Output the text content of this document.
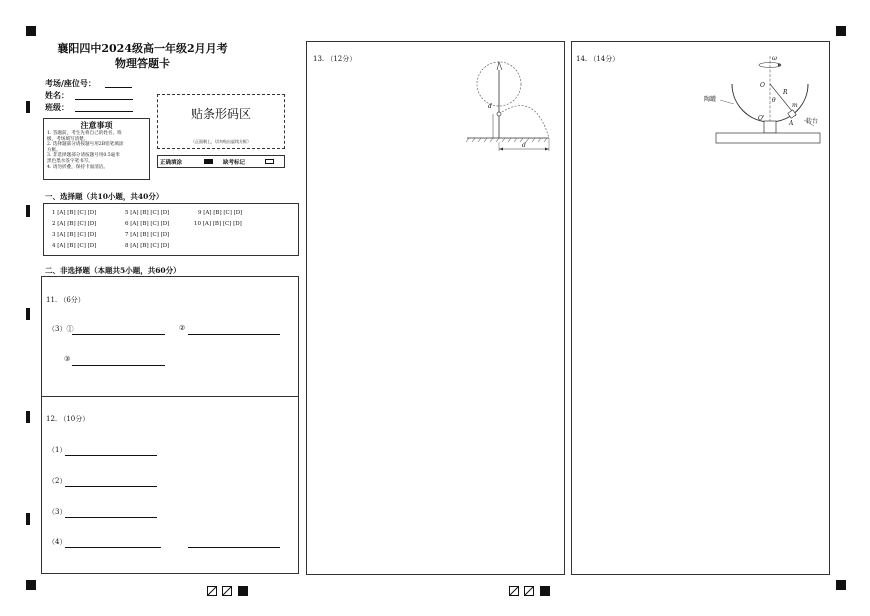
襄阳四中2024级高一年级2月月考
物理答题卡
考场/座位号：
姓名：
班级：
注意事项
1. 答题前，考生先将自己的姓名、班
级、考场填写清楚。
2. 选择题部分请按题号用2B铅笔填涂
方框。
3. 非选择题部分请按题号用0.5毫米
黑色墨水签字笔书写。
4. 请勿折叠，保持卡面清洁。
贴条形码区
（正面朝上，切勿贴出虚线方框）
正确填涂	缺考标记
一、选择题（共10小题，共40分）
1 [A] [B] [C] [D]
2 [A] [B] [C] [D]
3 [A] [B] [C] [D]
4 [A] [B] [C] [D]
5 [A] [B] [C] [D]
6 [A] [B] [C] [D]
7 [A] [B] [C] [D]
8 [A] [B] [C] [D]
9 [A] [B] [C] [D]
10 [A] [B] [C] [D]
二、非选择题（本题共5小题，共60分）
11. （6分）
（3）①	②
③
12. （10分）
（1）
（2）
（3）
（4）
13. （12分）
d
d
14. （14分）	ω
O
R
θ
O'
m
A
陶罐
转台
